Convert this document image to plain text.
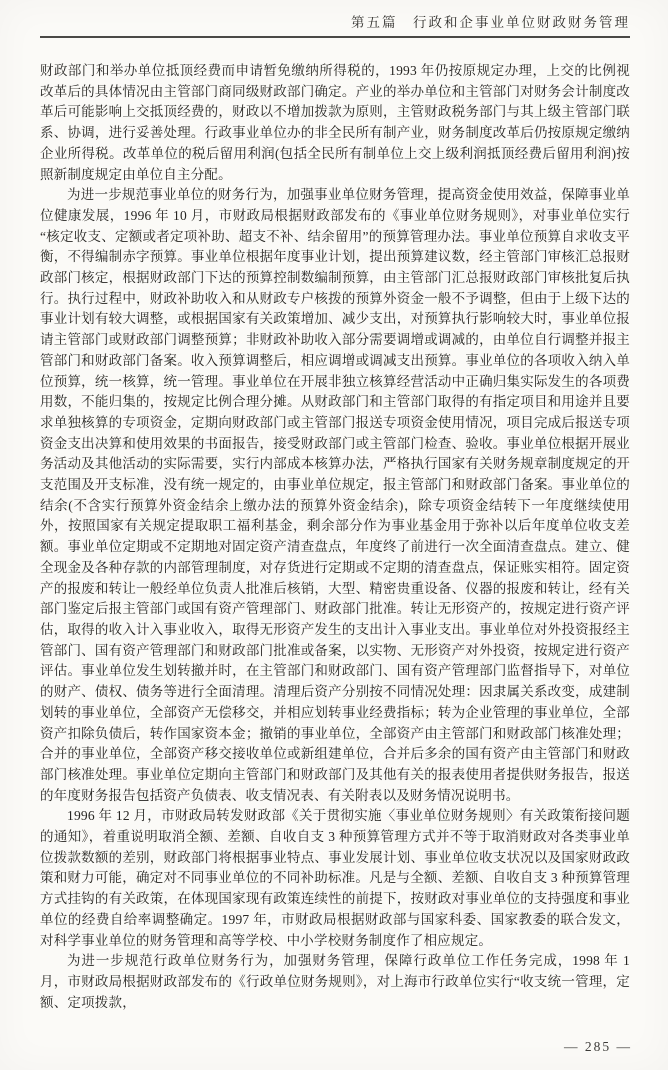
第五篇　行政和企事业单位财政财务管理

财政部门和举办单位抵顶经费而申请暂免缴纳所得税的，1993 年仍按原规定办理，上交的比例视改革后的具体情况由主管部门商同级财政部门确定。产业的举办单位和主管部门对财务会计制度改革后可能影响上交抵顶经费的，财政以不增加拨款为原则，主管财政税务部门与其上级主管部门联系、协调，进行妥善处理。行政事业单位办的非全民所有制产业，财务制度改革后仍按原规定缴纳企业所得税。改革单位的税后留用利润(包括全民所有制单位上交上级利润抵顶经费后留用利润)按照新制度规定由单位自主分配。

为进一步规范事业单位的财务行为，加强事业单位财务管理，提高资金使用效益，保障事业单位健康发展，1996 年 10 月，市财政局根据财政部发布的《事业单位财务规则》，对事业单位实行“核定收支、定额或者定项补助、超支不补、结余留用”的预算管理办法。事业单位预算自求收支平衡，不得编制赤字预算。事业单位根据年度事业计划，提出预算建议数，经主管部门审核汇总报财政部门核定，根据财政部门下达的预算控制数编制预算，由主管部门汇总报财政部门审核批复后执行。执行过程中，财政补助收入和从财政专户核拨的预算外资金一般不予调整，但由于上级下达的事业计划有较大调整，或根据国家有关政策增加、减少支出，对预算执行影响较大时，事业单位报请主管部门或财政部门调整预算；非财政补助收入部分需要调增或调减的，由单位自行调整并报主管部门和财政部门备案。收入预算调整后，相应调增或调减支出预算。事业单位的各项收入纳入单位预算，统一核算，统一管理。事业单位在开展非独立核算经营活动中正确归集实际发生的各项费用数，不能归集的，按规定比例合理分摊。从财政部门和主管部门取得的有指定项目和用途并且要求单独核算的专项资金，定期向财政部门或主管部门报送专项资金使用情况，项目完成后报送专项资金支出决算和使用效果的书面报告，接受财政部门或主管部门检查、验收。事业单位根据开展业务活动及其他活动的实际需要，实行内部成本核算办法，严格执行国家有关财务规章制度规定的开支范围及开支标准，没有统一规定的，由事业单位规定，报主管部门和财政部门备案。事业单位的结余(不含实行预算外资金结余上缴办法的预算外资金结余)，除专项资金结转下一年度继续使用外，按照国家有关规定提取职工福利基金，剩余部分作为事业基金用于弥补以后年度单位收支差额。事业单位定期或不定期地对固定资产清查盘点，年度终了前进行一次全面清查盘点。建立、健全现金及各种存款的内部管理制度，对存货进行定期或不定期的清查盘点，保证账实相符。固定资产的报废和转让一般经单位负责人批准后核销，大型、精密贵重设备、仪器的报废和转让，经有关部门鉴定后报主管部门或国有资产管理部门、财政部门批准。转让无形资产的，按规定进行资产评估，取得的收入计入事业收入，取得无形资产发生的支出计入事业支出。事业单位对外投资报经主管部门、国有资产管理部门和财政部门批准或备案，以实物、无形资产对外投资，按规定进行资产评估。事业单位发生划转撤并时，在主管部门和财政部门、国有资产管理部门监督指导下，对单位的财产、债权、债务等进行全面清理。清理后资产分别按不同情况处理：因隶属关系改变，成建制划转的事业单位，全部资产无偿移交，并相应划转事业经费指标；转为企业管理的事业单位，全部资产扣除负债后，转作国家资本金；撤销的事业单位，全部资产由主管部门和财政部门核准处理；合并的事业单位，全部资产移交接收单位或新组建单位，合并后多余的国有资产由主管部门和财政部门核准处理。事业单位定期向主管部门和财政部门及其他有关的报表使用者提供财务报告，报送的年度财务报告包括资产负债表、收支情况表、有关附表以及财务情况说明书。

1996 年 12 月，市财政局转发财政部《关于贯彻实施〈事业单位财务规则〉有关政策衔接问题的通知》，着重说明取消全额、差额、自收自支 3 种预算管理方式并不等于取消财政对各类事业单位拨款数额的差别，财政部门将根据事业特点、事业发展计划、事业单位收支状况以及国家财政政策和财力可能，确定对不同事业单位的不同补助标准。凡是与全额、差额、自收自支 3 种预算管理方式挂钩的有关政策，在体现国家现有政策连续性的前提下，按财政对事业单位的支持强度和事业单位的经费自给率调整确定。1997 年，市财政局根据财政部与国家科委、国家教委的联合发文，对科学事业单位的财务管理和高等学校、中小学校财务制度作了相应规定。

为进一步规范行政单位财务行为，加强财务管理，保障行政单位工作任务完成，1998 年 1 月，市财政局根据财政部发布的《行政单位财务规则》，对上海市行政单位实行“收支统一管理，定额、定项拨款，

— 285 —
